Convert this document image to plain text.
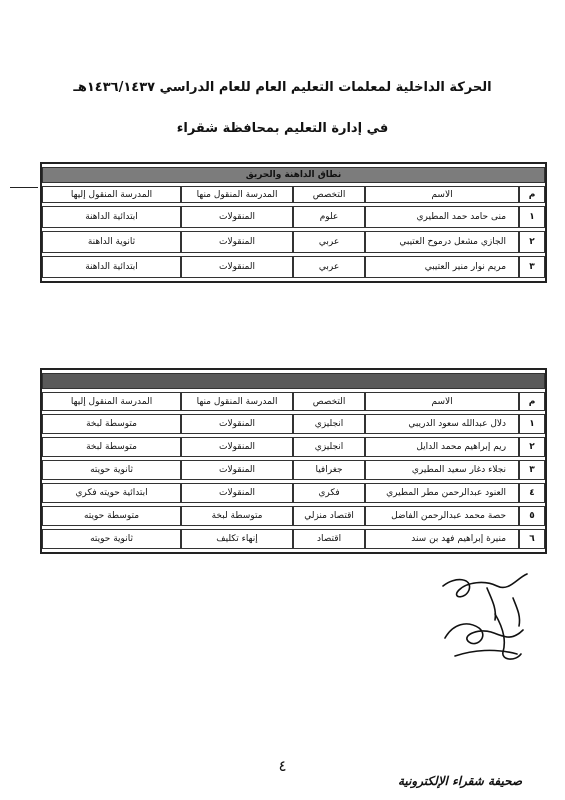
الحركة الداخلية لمعلمات التعليم العام للعام الدراسي ١٤٣٦/١٤٣٧هـ
في إدارة التعليم بمحافظة شقراء
نطاق الداهنة والحريق				
م	الاسم	التخصص	المدرسة المنقول منها	المدرسة المنقول إليها
١	منى حامد حمد المطيري	علوم	المنقولات	ابتدائية الداهنة
٢	الجازي مشعل درموح العتيبي	عربي	المنقولات	ثانوية الداهنة
٣	مريم نوار منير العتيبي	عربي	المنقولات	ابتدائية الداهنة

م	الاسم	التخصص	المدرسة المنقول منها	المدرسة المنقول إليها
١	دلال عبدالله سعود الدريبي	انجليزي	المنقولات	متوسطة لبخة
٢	ريم إبراهيم محمد الدايل	انجليزي	المنقولات	متوسطة لبخة
٣	نجلاء دغار سعيد المطيري	جغرافيا	المنقولات	ثانوية حويته
٤	العنود عبدالرحمن مطر المطيري	فكري	المنقولات	ابتدائية حويته فكري
٥	حصة محمد عبدالرحمن الفاضل	اقتصاد منزلي	متوسطة لبخة	متوسطة حويته
٦	منيرة إبراهيم فهد بن سند	اقتصاد	إنهاء تكليف	ثانوية حويته
٤
صحيفة شقراء الإلكترونية
